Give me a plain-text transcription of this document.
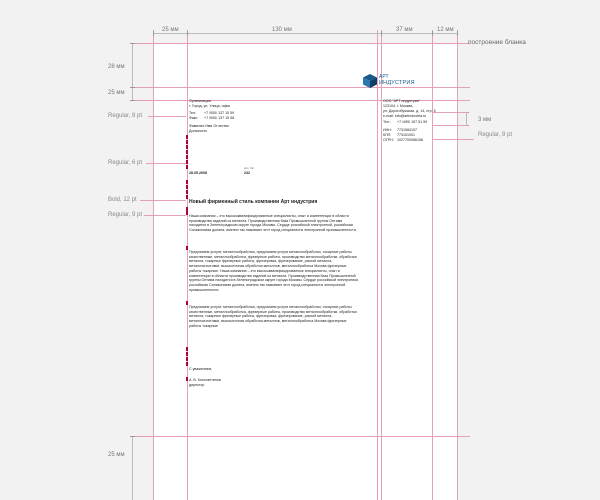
25 мм	130 мм	37 мм	12 мм
построение бланка
28 мм
25 мм
25 мм
Regular, 8 pt
Regular, 6 pt
Bold, 12 pt
Regular, 9 pt
3 мм
Regular, 8 pt
АРТ
ИНДУСТРИЯ
Организация
г. Город, ул. Улица, офис
Тел: +7 /000/ 137 15 59
Факс: +7 /000/ 137 15 58
Фамилия Имя Отчество
Должность
исх. №
28.05.2008	232
Новый фирменный стиль компании Арт индустрия
Наша компания – это высококвалифицированные специалисты, опыт и компетенции в области производства изделий из металла. Производственная база Промышленной группы Оптима находится в Зеленоградском округе города Москвы. Сердце российской электронной, российская Силиконовая долина, именно так называют этот город специалисты электронной промышленности.
Предлагаем услуги: металлообработка, предлагаем услуги металлообработки, токарные работы качественные, металлообработка, фрезерные работы, производство металлообработки, обработка металла, токарные фрезерные работы, фрезеровка, фрезерование, расхой металла, металлоизготовки, высокоточная обработка металлов, металлообработка Москва фрезерные работы токарные. Наша компания – это высококвалифицированные специалисты, опыт и компетенции в области производства изделий из металла. Производственная база Промышленной группы Оптима находится в Зеленоградском округе города Москвы. Сердце российской электроники, российская Силиконовая долина, именно так называют этот город специалисты электронной промышленности.
Предлагаем услуги: металлообработка, предлагаем услуги металлообработки, токарные работы качественные, металлообработка, фрезерные работы, производство металлообработки, обработка металла, токарные фрезерные работы, фрезеровка, фрезерование, расхой металла, металлоизготовки, высокоточная обработка металлов, металлообработка Москва фрезерные работы токарные
С уважением,
А. В. Константинов
директор
ООО "АРТ индустрия"
123104, г. Москва,
ул. Дорогобужская, д. 14, стр. 5
e-mail: info@artindustria.ru
Тел.: +7 /495/ 157 51 59
ИНН: 7731584157
КПП: 773101001
ОГРН: 1027700056158
